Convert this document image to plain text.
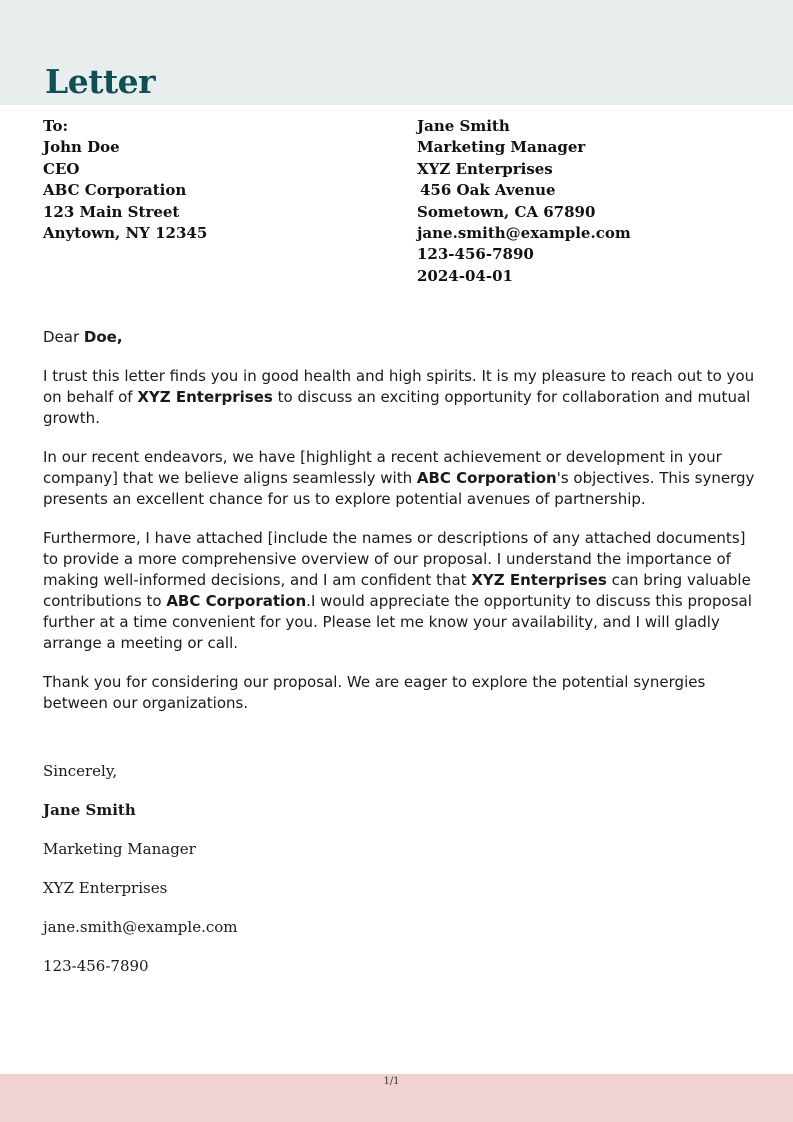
Letter
To:
John Doe
CEO
ABC Corporation
123 Main Street
Anytown, NY 12345
Jane Smith
Marketing Manager
XYZ Enterprises
456 Oak Avenue
Sometown, CA 67890
jane.smith@example.com
123-456-7890
2024-04-01

Dear Doe,

I trust this letter finds you in good health and high spirits. It is my pleasure to reach out to you on behalf of XYZ Enterprises to discuss an exciting opportunity for collaboration and mutual growth.

In our recent endeavors, we have [highlight a recent achievement or development in your company] that we believe aligns seamlessly with ABC Corporation's objectives. This synergy presents an excellent chance for us to explore potential avenues of partnership.

Furthermore, I have attached [include the names or descriptions of any attached documents] to provide a more comprehensive overview of our proposal. I understand the importance of making well-informed decisions, and I am confident that XYZ Enterprises can bring valuable contributions to ABC Corporation.I would appreciate the opportunity to discuss this proposal further at a time convenient for you. Please let me know your availability, and I will gladly arrange a meeting or call.

Thank you for considering our proposal. We are eager to explore the potential synergies between our organizations.

Sincerely,
Jane Smith
Marketing Manager
XYZ Enterprises
jane.smith@example.com
123-456-7890
1/1
